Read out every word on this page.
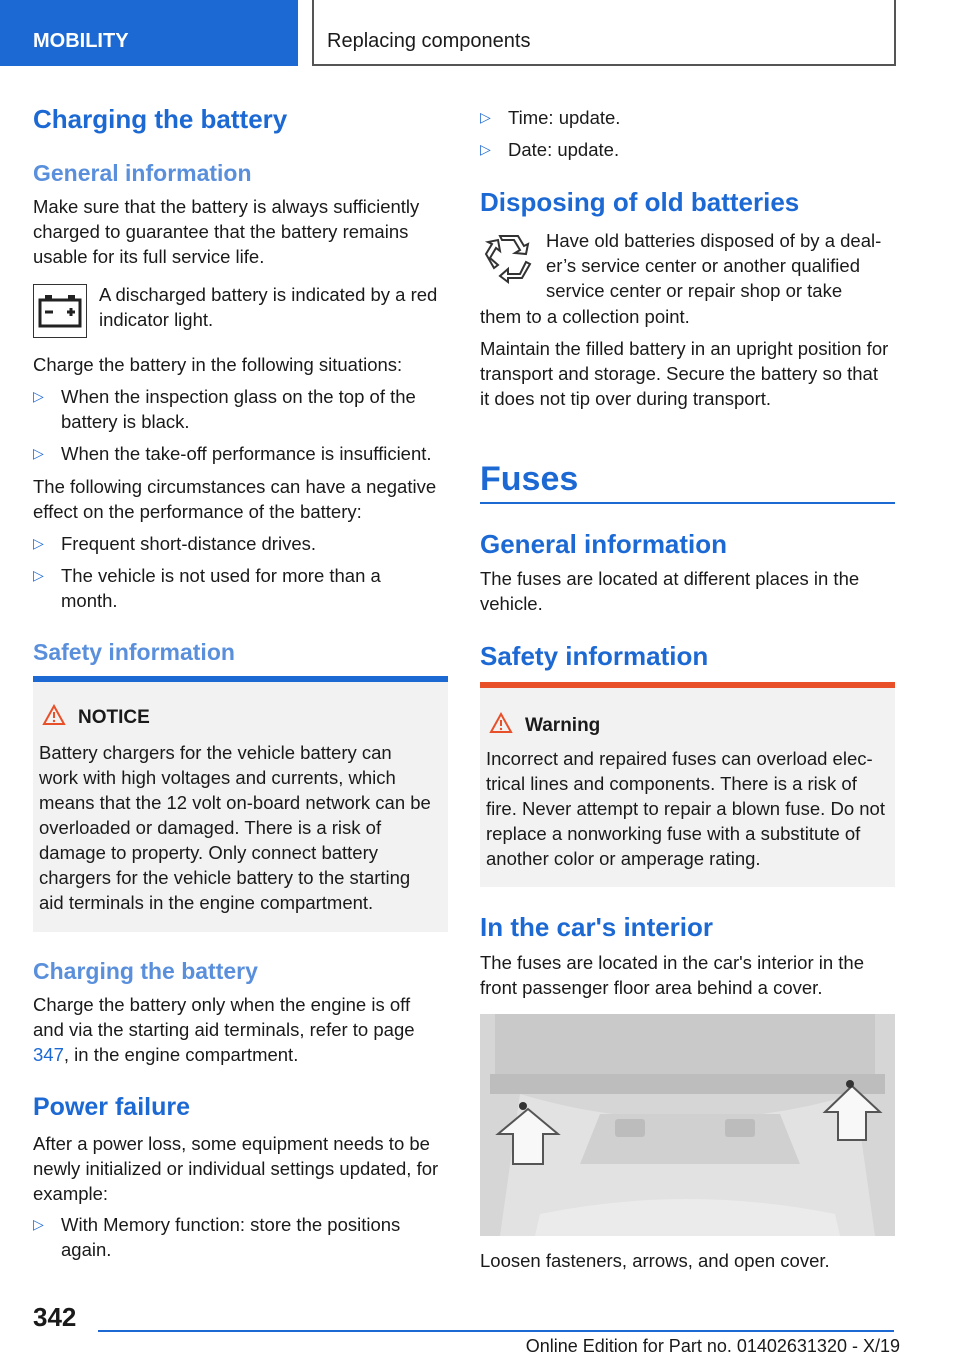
MOBILITY	Replacing components
Charging the battery
General information
Make sure that the battery is always sufficiently charged to guarantee that the battery remains usable for its full service life.
A discharged battery is indicated by a red indicator light.
Charge the battery in the following situations:
▷ When the inspection glass on the top of the battery is black.
▷ When the take-off performance is insufficient.
The following circumstances can have a negative effect on the performance of the battery:
▷ Frequent short-distance drives.
▷ The vehicle is not used for more than a month.
Safety information
NOTICE
Battery chargers for the vehicle battery can work with high voltages and currents, which means that the 12 volt on-board network can be overloaded or damaged. There is a risk of damage to property. Only connect battery chargers for the vehicle battery to the starting aid terminals in the engine compartment.
Charging the battery
Charge the battery only when the engine is off and via the starting aid terminals, refer to page 347, in the engine compartment.
Power failure
After a power loss, some equipment needs to be newly initialized or individual settings updated, for example:
▷ With Memory function: store the positions again.
▷ Time: update.
▷ Date: update.
Disposing of old batteries
Have old batteries disposed of by a deal-er’s service center or another qualified service center or repair shop or take
them to a collection point.
Maintain the filled battery in an upright position for transport and storage. Secure the battery so that it does not tip over during transport.
Fuses
General information
The fuses are located at different places in the vehicle.
Safety information
Warning
Incorrect and repaired fuses can overload elec-trical lines and components. There is a risk of fire. Never attempt to repair a blown fuse. Do not replace a nonworking fuse with a substitute of another color or amperage rating.
In the car's interior
The fuses are located in the car's interior in the front passenger floor area behind a cover.
Loosen fasteners, arrows, and open cover.
342
Online Edition for Part no. 01402631320 - X/19
